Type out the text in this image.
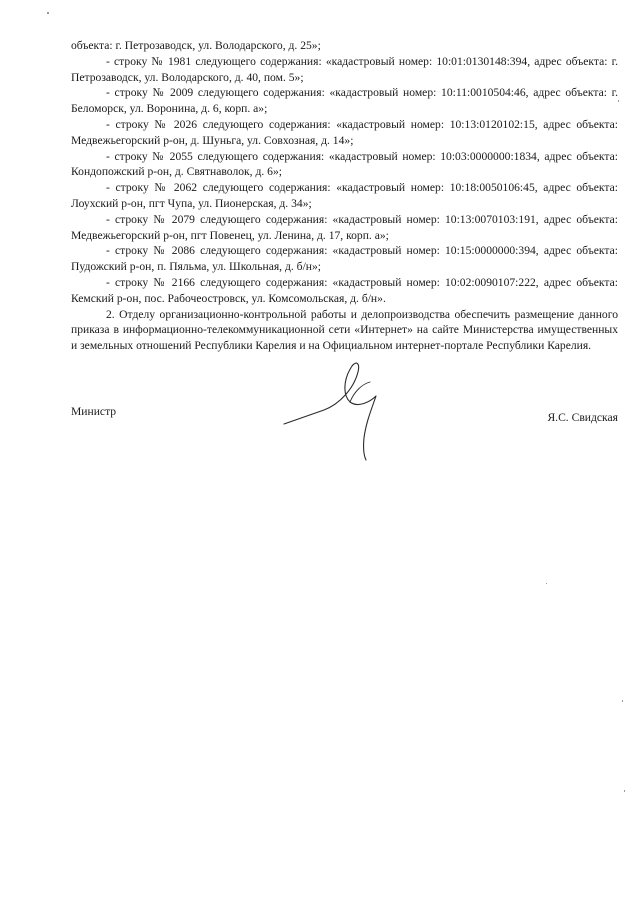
объекта: г. Петрозаводск, ул. Володарского, д. 25»;

- строку № 1981 следующего содержания: «кадастровый номер: 10:01:0130148:394, адрес объекта: г. Петрозаводск, ул. Володарского, д. 40, пом. 5»;

- строку № 2009 следующего содержания: «кадастровый номер: 10:11:0010504:46, адрес объекта: г. Беломорск, ул. Воронина, д. 6, корп. а»;

- строку № 2026 следующего содержания: «кадастровый номер: 10:13:0120102:15, адрес объекта: Медвежьегорский р-он, д. Шуньга, ул. Совхозная, д. 14»;

- строку № 2055 следующего содержания: «кадастровый номер: 10:03:0000000:1834, адрес объекта: Кондопожский р-он, д. Святнаволок, д. 6»;

- строку № 2062 следующего содержания: «кадастровый номер: 10:18:0050106:45, адрес объекта: Лоухский р-он, пгт Чупа, ул. Пионерская, д. 34»;

- строку № 2079 следующего содержания: «кадастровый номер: 10:13:0070103:191, адрес объекта: Медвежьегорский р-он, пгт Повенец, ул. Ленина, д. 17, корп. а»;

- строку № 2086 следующего содержания: «кадастровый номер: 10:15:0000000:394, адрес объекта: Пудожский р-он, п. Пяльма, ул. Школьная, д. б/н»;

- строку № 2166 следующего содержания: «кадастровый номер: 10:02:0090107:222, адрес объекта: Кемский р-он, пос. Рабочеостровск, ул. Комсомольская, д. б/н».

2. Отделу организационно-контрольной работы и делопроизводства обеспечить размещение данного приказа в информационно-телекоммуникационной сети «Интернет» на сайте Министерства имущественных и земельных отношений Республики Карелия и на Официальном интернет-портале Республики Карелия.

Министр	Я.С. Свидская
